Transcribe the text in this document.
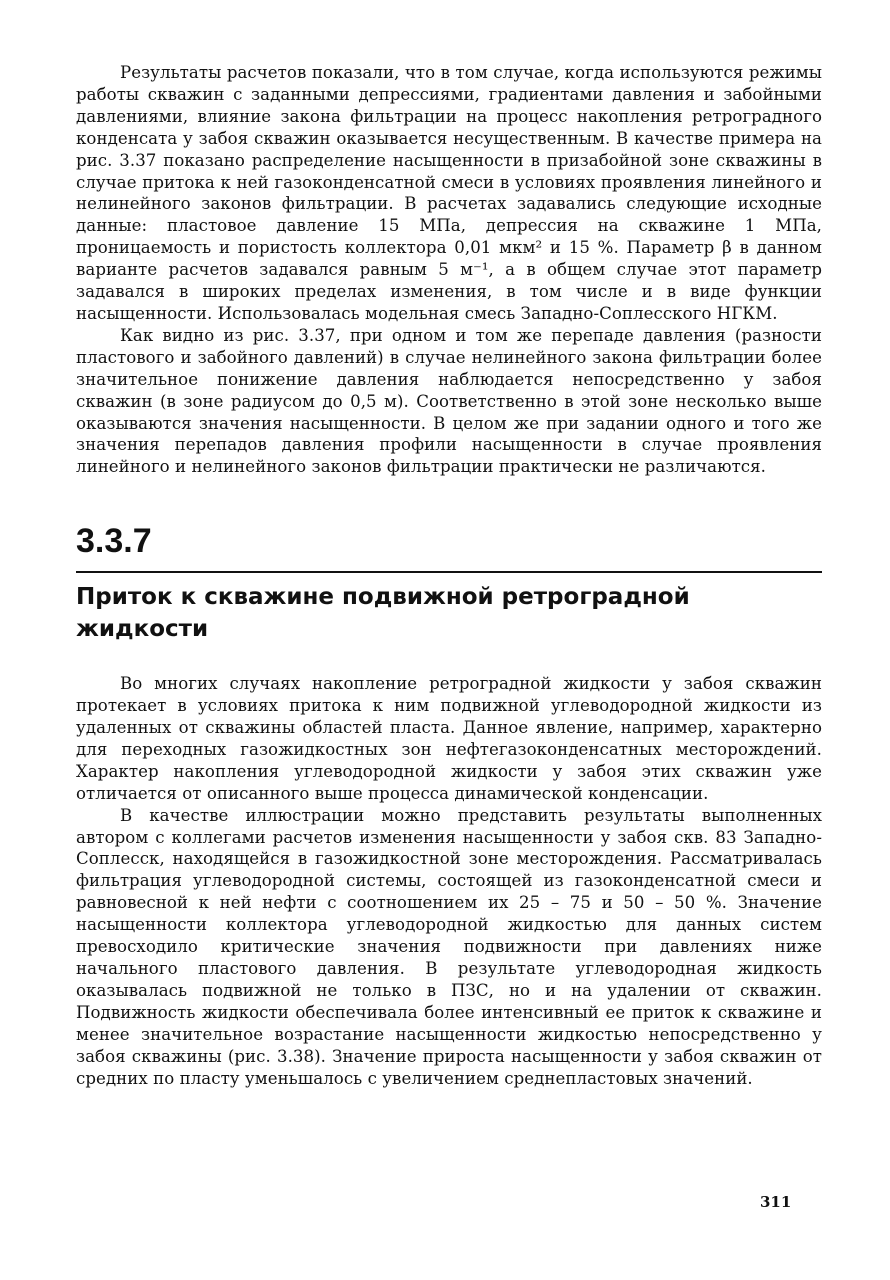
Результаты расчетов показали, что в том случае, когда используются режимы работы скважин с заданными депрессиями, градиентами давления и забойными давлениями, влияние закона фильтрации на процесс накопления ретроградного конденсата у забоя скважин оказывается несущественным. В качестве примера на рис. 3.37 показано распределение насыщенности в призабойной зоне скважины в случае притока к ней газоконденсатной смеси в условиях проявления линейного и нелинейного законов фильтрации. В расчетах задавались следующие исходные данные: пластовое давление 15 МПа, депрессия на скважине 1 МПа, проницаемость и пористость коллектора 0,01 мкм² и 15 %. Параметр β в данном варианте расчетов задавался равным 5 м⁻¹, а в общем случае этот параметр задавался в широких пределах изменения, в том числе и в виде функции насыщенности. Использовалась модельная смесь Западно-Соплесского НГКМ.

Как видно из рис. 3.37, при одном и том же перепаде давления (разности пластового и забойного давлений) в случае нелинейного закона фильтрации более значительное понижение давления наблюдается непосредственно у забоя скважин (в зоне радиусом до 0,5 м). Соответственно в этой зоне несколько выше оказываются значения насыщенности. В целом же при задании одного и того же значения перепадов давления профили насыщенности в случае проявления линейного и нелинейного законов фильтрации практически не различаются.

3.3.7
Приток к скважине подвижной ретроградной жидкости

Во многих случаях накопление ретроградной жидкости у забоя скважин протекает в условиях притока к ним подвижной углеводородной жидкости из удаленных от скважины областей пласта. Данное явление, например, характерно для переходных газожидкостных зон нефтегазоконденсатных месторождений. Характер накопления углеводородной жидкости у забоя этих скважин уже отличается от описанного выше процесса динамической конденсации.

В качестве иллюстрации можно представить результаты выполненных автором с коллегами расчетов изменения насыщенности у забоя скв. 83 Западно-Соплесск, находящейся в газожидкостной зоне месторождения. Рассматривалась фильтрация углеводородной системы, состоящей из газоконденсатной смеси и равновесной к ней нефти с соотношением их 25 – 75 и 50 – 50 %. Значение насыщенности коллектора углеводородной жидкостью для данных систем превосходило критические значения подвижности при давлениях ниже начального пластового давления. В результате углеводородная жидкость оказывалась подвижной не только в ПЗС, но и на удалении от скважин. Подвижность жидкости обеспечивала более интенсивный ее приток к скважине и менее значительное возрастание насыщенности жидкостью непосредственно у забоя скважины (рис. 3.38). Значение прироста насыщенности у забоя скважин от средних по пласту уменьшалось с увеличением среднепластовых значений.

311
